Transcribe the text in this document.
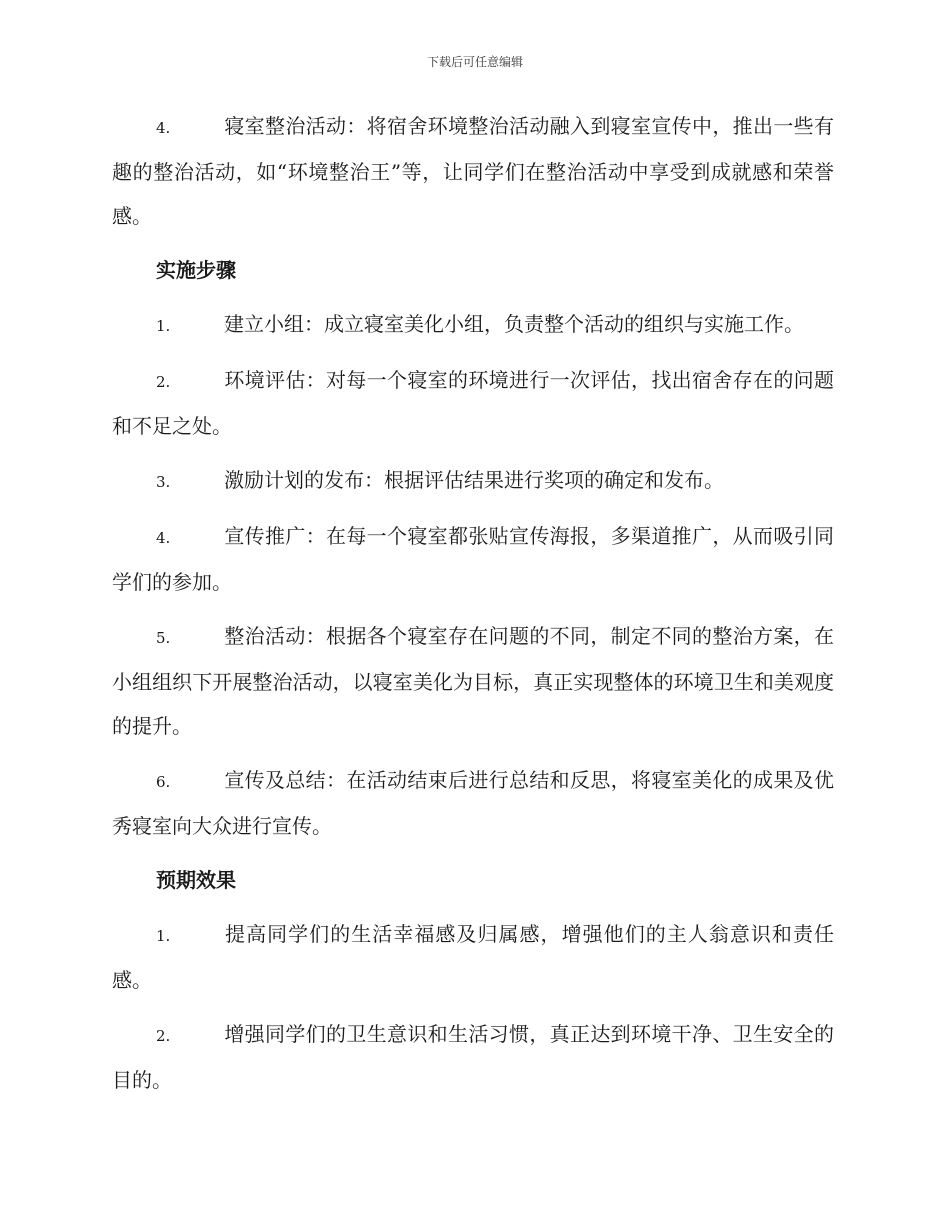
下载后可任意编辑

4.	寝室整治活动：将宿舍环境整治活动融入到寝室宣传中，推出一些有趣的整治活动，如“环境整治王”等，让同学们在整治活动中享受到成就感和荣誉感。

实施步骤

1.	建立小组：成立寝室美化小组，负责整个活动的组织与实施工作。

2.	环境评估：对每一个寝室的环境进行一次评估，找出宿舍存在的问题和不足之处。

3.	激励计划的发布：根据评估结果进行奖项的确定和发布。

4.	宣传推广：在每一个寝室都张贴宣传海报，多渠道推广，从而吸引同学们的参加。

5.	整治活动：根据各个寝室存在问题的不同，制定不同的整治方案，在小组组织下开展整治活动，以寝室美化为目标，真正实现整体的环境卫生和美观度的提升。

6.	宣传及总结：在活动结束后进行总结和反思，将寝室美化的成果及优秀寝室向大众进行宣传。

预期效果

1.	提高同学们的生活幸福感及归属感，增强他们的主人翁意识和责任感。

2.	增强同学们的卫生意识和生活习惯，真正达到环境干净、卫生安全的目的。
